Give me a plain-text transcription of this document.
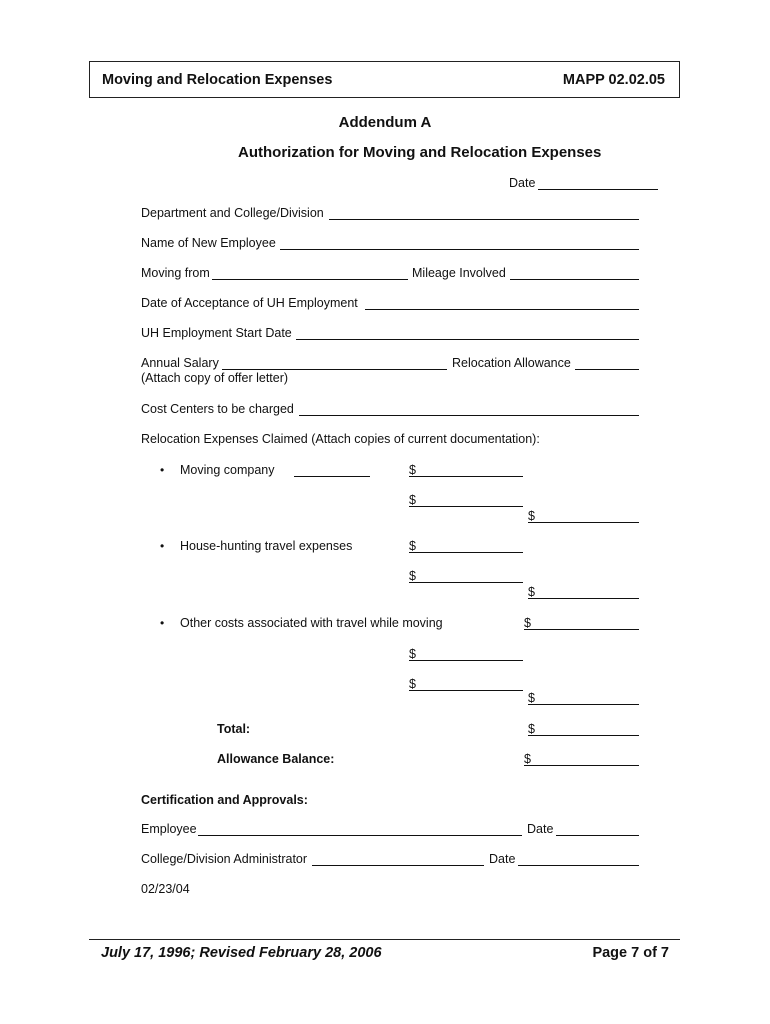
Moving and Relocation Expenses	MAPP 02.02.05
Addendum A
Authorization for Moving and Relocation Expenses
Date
Department and College/Division
Name of New Employee
Moving from	Mileage Involved
Date of Acceptance of UH Employment
UH Employment Start Date
Annual Salary	Relocation Allowance
(Attach copy of offer letter)
Cost Centers to be charged
Relocation Expenses Claimed (Attach copies of current documentation):
• Moving company	$
$
$
• House-hunting travel expenses	$
$
$
• Other costs associated with travel while moving	$
$
$
$
Total:	$
Allowance Balance:	$
Certification and Approvals:
Employee	Date
College/Division Administrator	Date
02/23/04
July 17, 1996; Revised February 28, 2006	Page 7 of 7
